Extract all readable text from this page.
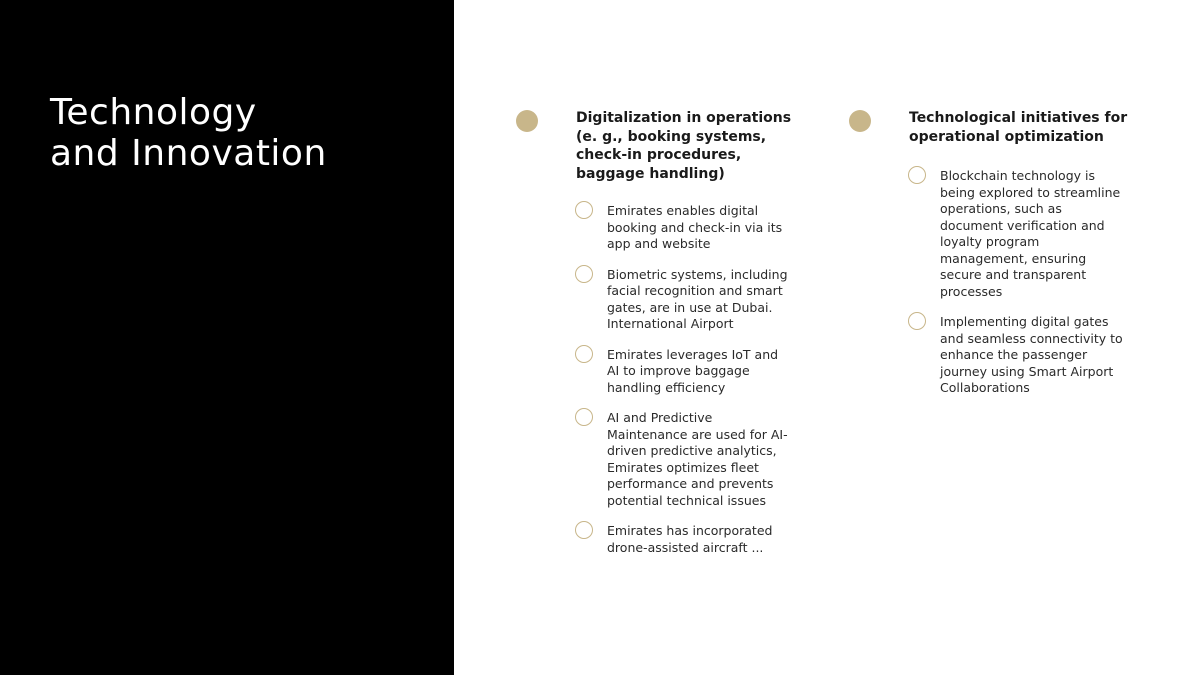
Technology
and Innovation

Digitalization in operations (e. g., booking systems, check-in procedures, baggage handling)

Emirates enables digital booking and check-in via its app and website
Biometric systems, including facial recognition and smart gates, are in use at Dubai. International Airport
Emirates leverages IoT and AI to improve baggage handling efficiency
AI and Predictive Maintenance are used for AI-driven predictive analytics, Emirates optimizes fleet performance and prevents potential technical issues
Emirates has incorporated drone-assisted aircraft ...

Technological initiatives for operational optimization

Blockchain technology is being explored to streamline operations, such as document verification and loyalty program management, ensuring secure and transparent processes
Implementing digital gates and seamless connectivity to enhance the passenger journey using Smart Airport Collaborations
